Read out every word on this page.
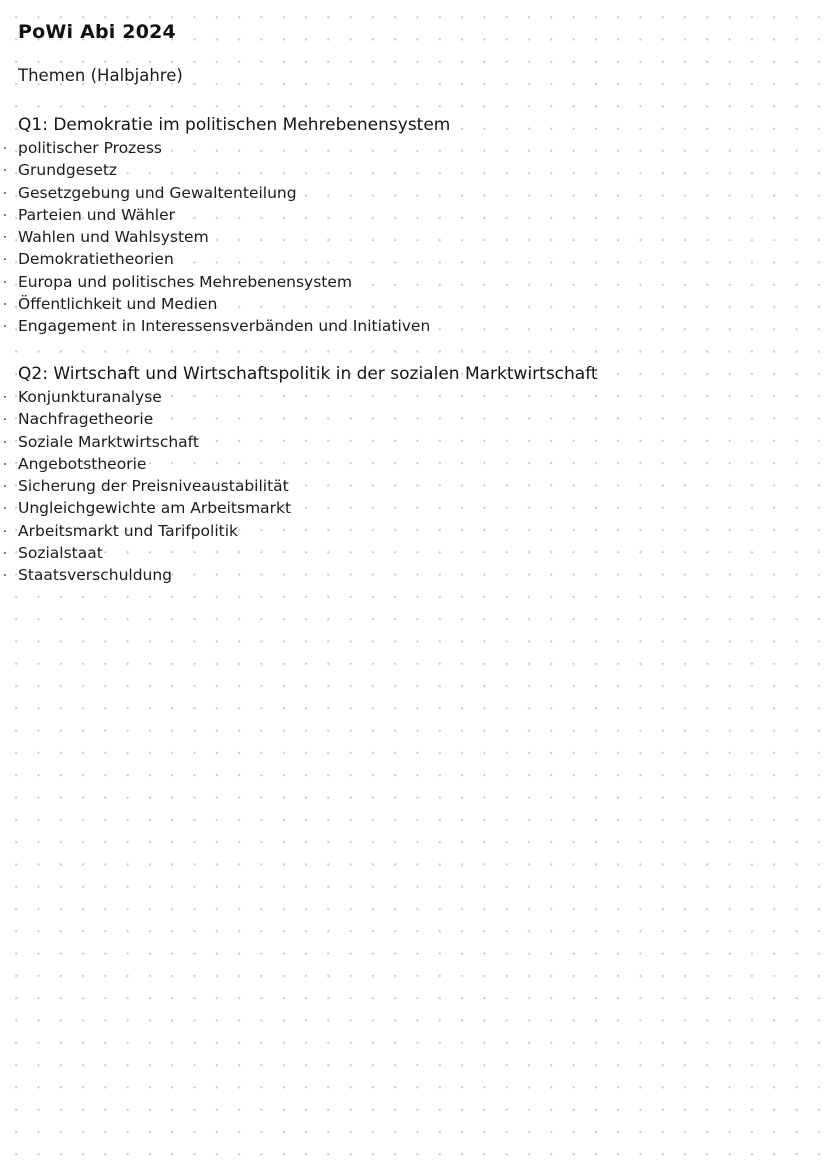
PoWi Abi 2024
Themen (Halbjahre)
Q1: Demokratie im politischen Mehrebenensystem
politischer Prozess
Grundgesetz
Gesetzgebung und Gewaltenteilung
Parteien und Wähler
Wahlen und Wahlsystem
Demokratietheorien
Europa und politisches Mehrebenensystem
Öffentlichkeit und Medien
Engagement in Interessensverbänden und Initiativen
Q2: Wirtschaft und Wirtschaftspolitik in der sozialen Marktwirtschaft
Konjunkturanalyse
Nachfragetheorie
Soziale Marktwirtschaft
Angebotstheorie
Sicherung der Preisniveaustabilität
Ungleichgewichte am Arbeitsmarkt
Arbeitsmarkt und Tarifpolitik
Sozialstaat
Staatsverschuldung
